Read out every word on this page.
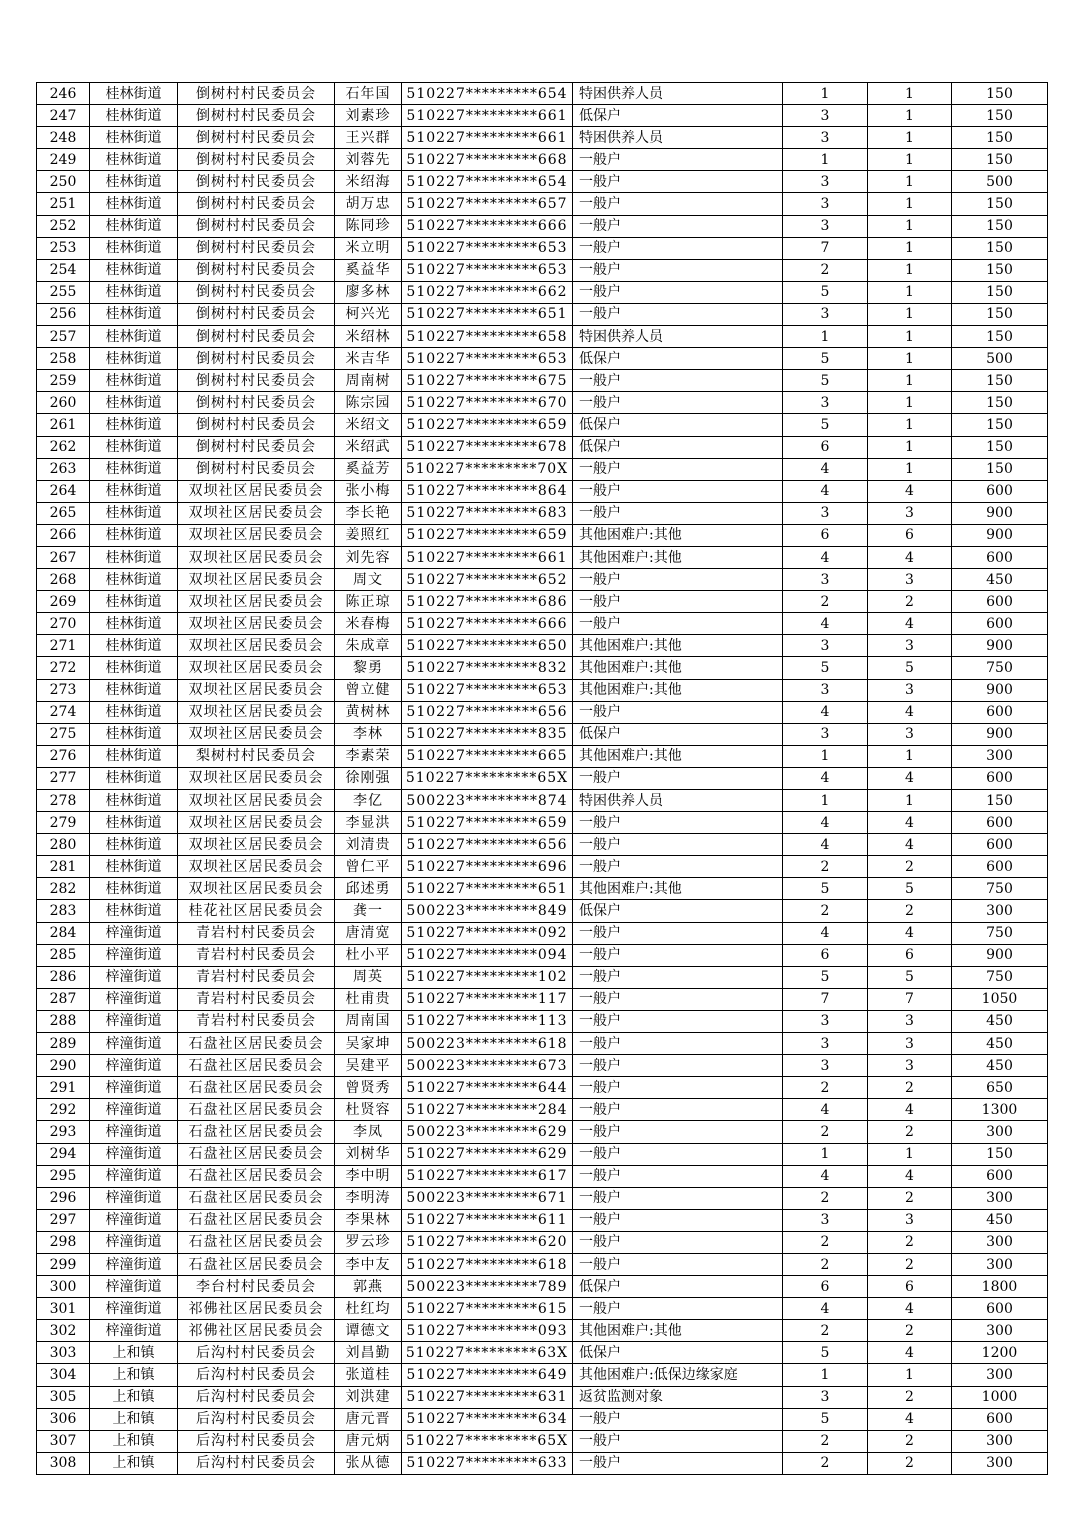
246	桂林街道	倒树村村民委员会	石年国	510227*********654	特困供养人员	1	1	150
247	桂林街道	倒树村村民委员会	刘素珍	510227*********661	低保户	3	1	150
248	桂林街道	倒树村村民委员会	王兴群	510227*********661	特困供养人员	3	1	150
249	桂林街道	倒树村村民委员会	刘蓉先	510227*********668	一般户	1	1	150
250	桂林街道	倒树村村民委员会	米绍海	510227*********654	一般户	3	1	500
251	桂林街道	倒树村村民委员会	胡万忠	510227*********657	一般户	3	1	150
252	桂林街道	倒树村村民委员会	陈同珍	510227*********666	一般户	3	1	150
253	桂林街道	倒树村村民委员会	米立明	510227*********653	一般户	7	1	150
254	桂林街道	倒树村村民委员会	奚益华	510227*********653	一般户	2	1	150
255	桂林街道	倒树村村民委员会	廖多林	510227*********662	一般户	5	1	150
256	桂林街道	倒树村村民委员会	柯兴光	510227*********651	一般户	3	1	150
257	桂林街道	倒树村村民委员会	米绍林	510227*********658	特困供养人员	1	1	150
258	桂林街道	倒树村村民委员会	米吉华	510227*********653	低保户	5	1	500
259	桂林街道	倒树村村民委员会	周南树	510227*********675	一般户	5	1	150
260	桂林街道	倒树村村民委员会	陈宗园	510227*********670	一般户	3	1	150
261	桂林街道	倒树村村民委员会	米绍文	510227*********659	低保户	5	1	150
262	桂林街道	倒树村村民委员会	米绍武	510227*********678	低保户	6	1	150
263	桂林街道	倒树村村民委员会	奚益芳	510227*********70X	一般户	4	1	150
264	桂林街道	双坝社区居民委员会	张小梅	510227*********864	一般户	4	4	600
265	桂林街道	双坝社区居民委员会	李长艳	510227*********683	一般户	3	3	900
266	桂林街道	双坝社区居民委员会	姜照红	510227*********659	其他困难户:其他	6	6	900
267	桂林街道	双坝社区居民委员会	刘先容	510227*********661	其他困难户:其他	4	4	600
268	桂林街道	双坝社区居民委员会	周文	510227*********652	一般户	3	3	450
269	桂林街道	双坝社区居民委员会	陈正琼	510227*********686	一般户	2	2	600
270	桂林街道	双坝社区居民委员会	米春梅	510227*********666	一般户	4	4	600
271	桂林街道	双坝社区居民委员会	朱成章	510227*********650	其他困难户:其他	3	3	900
272	桂林街道	双坝社区居民委员会	黎勇	510227*********832	其他困难户:其他	5	5	750
273	桂林街道	双坝社区居民委员会	曾立健	510227*********653	其他困难户:其他	3	3	900
274	桂林街道	双坝社区居民委员会	黄树林	510227*********656	一般户	4	4	600
275	桂林街道	双坝社区居民委员会	李林	510227*********835	低保户	3	3	900
276	桂林街道	梨树村村民委员会	李素荣	510227*********665	其他困难户:其他	1	1	300
277	桂林街道	双坝社区居民委员会	徐刚强	510227*********65X	一般户	4	4	600
278	桂林街道	双坝社区居民委员会	李亿	500223*********874	特困供养人员	1	1	150
279	桂林街道	双坝社区居民委员会	李显洪	510227*********659	一般户	4	4	600
280	桂林街道	双坝社区居民委员会	刘清贵	510227*********656	一般户	4	4	600
281	桂林街道	双坝社区居民委员会	曾仁平	510227*********696	一般户	2	2	600
282	桂林街道	双坝社区居民委员会	邱述勇	510227*********651	其他困难户:其他	5	5	750
283	桂林街道	桂花社区居民委员会	龚一	500223*********849	低保户	2	2	300
284	梓潼街道	青岩村村民委员会	唐清宽	510227*********092	一般户	4	4	750
285	梓潼街道	青岩村村民委员会	杜小平	510227*********094	一般户	6	6	900
286	梓潼街道	青岩村村民委员会	周英	510227*********102	一般户	5	5	750
287	梓潼街道	青岩村村民委员会	杜甫贵	510227*********117	一般户	7	7	1050
288	梓潼街道	青岩村村民委员会	周南国	510227*********113	一般户	3	3	450
289	梓潼街道	石盘社区居民委员会	吴家坤	500223*********618	一般户	3	3	450
290	梓潼街道	石盘社区居民委员会	吴建平	500223*********673	一般户	3	3	450
291	梓潼街道	石盘社区居民委员会	曾贤秀	510227*********644	一般户	2	2	650
292	梓潼街道	石盘社区居民委员会	杜贤容	510227*********284	一般户	4	4	1300
293	梓潼街道	石盘社区居民委员会	李凤	500223*********629	一般户	2	2	300
294	梓潼街道	石盘社区居民委员会	刘树华	510227*********629	一般户	1	1	150
295	梓潼街道	石盘社区居民委员会	李中明	510227*********617	一般户	4	4	600
296	梓潼街道	石盘社区居民委员会	李明涛	500223*********671	一般户	2	2	300
297	梓潼街道	石盘社区居民委员会	李果林	510227*********611	一般户	3	3	450
298	梓潼街道	石盘社区居民委员会	罗云珍	510227*********620	一般户	2	2	300
299	梓潼街道	石盘社区居民委员会	李中友	510227*********618	一般户	2	2	300
300	梓潼街道	李台村村民委员会	郭燕	500223*********789	低保户	6	6	1800
301	梓潼街道	祁佛社区居民委员会	杜红均	510227*********615	一般户	4	4	600
302	梓潼街道	祁佛社区居民委员会	谭德文	510227*********093	其他困难户:其他	2	2	300
303	上和镇	后沟村村民委员会	刘昌勤	510227*********63X	低保户	5	4	1200
304	上和镇	后沟村村民委员会	张道桂	510227*********649	其他困难户:低保边缘家庭	1	1	300
305	上和镇	后沟村村民委员会	刘洪建	510227*********631	返贫监测对象	3	2	1000
306	上和镇	后沟村村民委员会	唐元晋	510227*********634	一般户	5	4	600
307	上和镇	后沟村村民委员会	唐元炳	510227*********65X	一般户	2	2	300
308	上和镇	后沟村村民委员会	张从德	510227*********633	一般户	2	2	300
